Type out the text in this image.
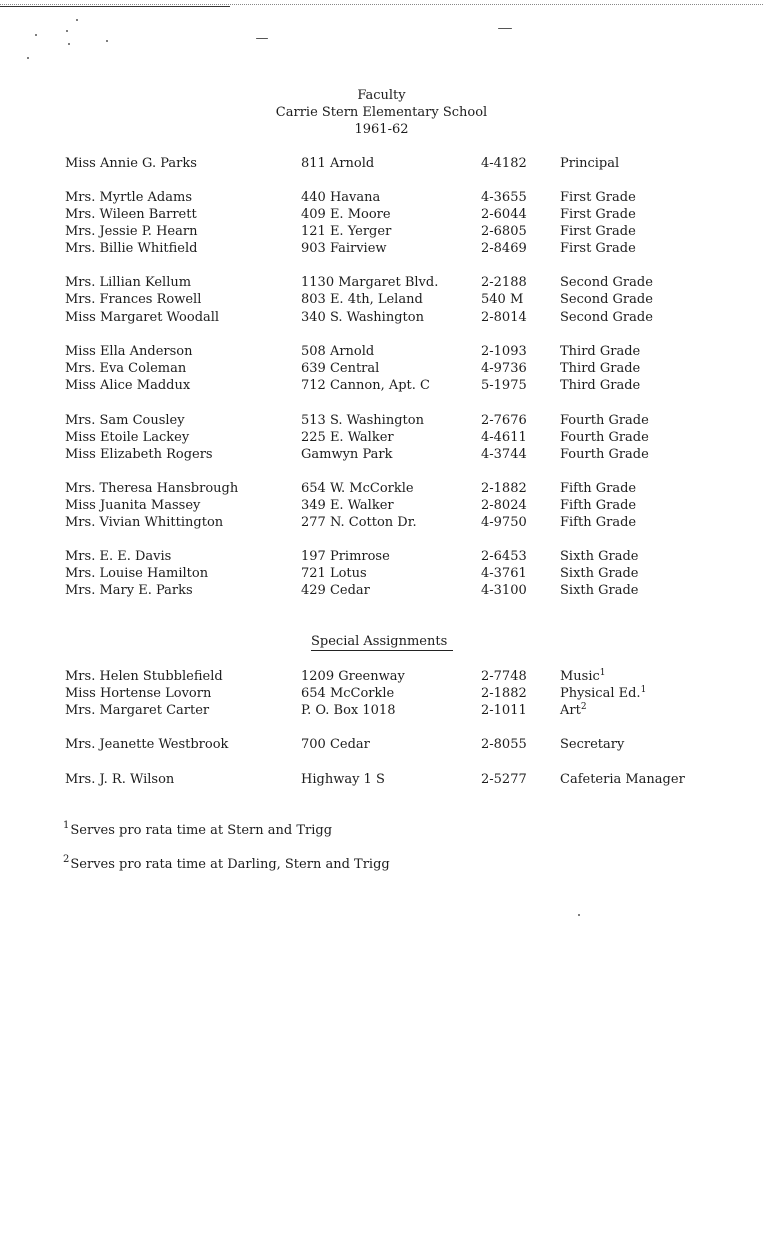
Faculty
Carrie Stern Elementary School
1961-62
Miss Annie G. Parks	811 Arnold	4-4182	Principal
Mrs. Myrtle Adams	440 Havana	4-3655	First Grade
Mrs. Wileen Barrett	409 E. Moore	2-6044	First Grade
Mrs. Jessie P. Hearn	121 E. Yerger	2-6805	First Grade
Mrs. Billie Whitfield	903 Fairview	2-8469	First Grade
Mrs. Lillian Kellum	1130 Margaret Blvd.	2-2188	Second Grade
Mrs. Frances Rowell	803 E. 4th, Leland	540 M	Second Grade
Miss Margaret Woodall	340 S. Washington	2-8014	Second Grade
Miss Ella Anderson	508 Arnold	2-1093	Third Grade
Mrs. Eva Coleman	639 Central	4-9736	Third Grade
Miss Alice Maddux	712 Cannon, Apt. C	5-1975	Third Grade
Mrs. Sam Cousley	513 S. Washington	2-7676	Fourth Grade
Miss Etoile Lackey	225 E. Walker	4-4611	Fourth Grade
Miss Elizabeth Rogers	Gamwyn Park	4-3744	Fourth Grade
Mrs. Theresa Hansbrough	654 W. McCorkle	2-1882	Fifth Grade
Miss Juanita Massey	349 E. Walker	2-8024	Fifth Grade
Mrs. Vivian Whittington	277 N. Cotton Dr.	4-9750	Fifth Grade
Mrs. E. E. Davis	197 Primrose	2-6453	Sixth Grade
Mrs. Louise Hamilton	721 Lotus	4-3761	Sixth Grade
Mrs. Mary E. Parks	429 Cedar	4-3100	Sixth Grade
Special Assignments
Mrs. Helen Stubblefield	1209 Greenway	2-7748	Music$^1$
Miss Hortense Lovorn	654 McCorkle	2-1882	Physical Ed.$^1$
Mrs. Margaret Carter	P. O. Box 1018	2-1011	Art$^2$
Mrs. Jeanette Westbrook	700 Cedar	2-8055	Secretary
Mrs. J. R. Wilson	Highway 1 S	2-5277	Cafeteria Manager
$^1$Serves pro rata time at Stern and Trigg
$^2$Serves pro rata time at Darling, Stern and Trigg
